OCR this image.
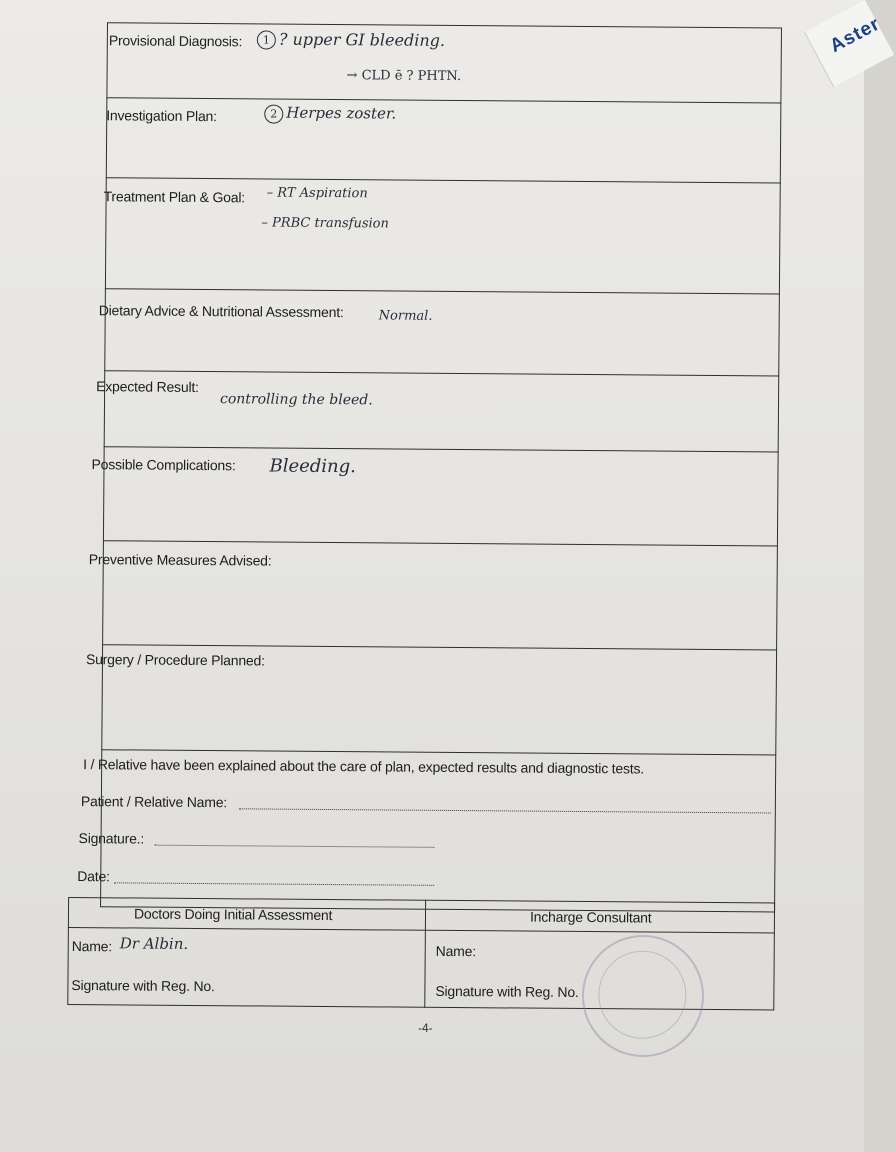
Aster
Provisional Diagnosis:	1 ? upper GI bleeding.
→ CLD ē ? PHTN.
Investigation Plan:	2 Herpes zoster.
Treatment Plan & Goal: – RT Aspiration
– PRBC transfusion
Dietary Advice & Nutritional Assessment:	Normal.
Expected Result:
controlling the bleed.
Possible Complications: Bleeding.
Preventive Measures Advised:
Surgery / Procedure Planned:
I / Relative have been explained about the care of plan, expected results and diagnostic tests.
Patient / Relative Name:
Signature.:
Date:
Doctors Doing Initial Assessment	Incharge Consultant
Name: Dr Albin.	Name:
Signature with Reg. No.	Signature with Reg. No.
-4-
